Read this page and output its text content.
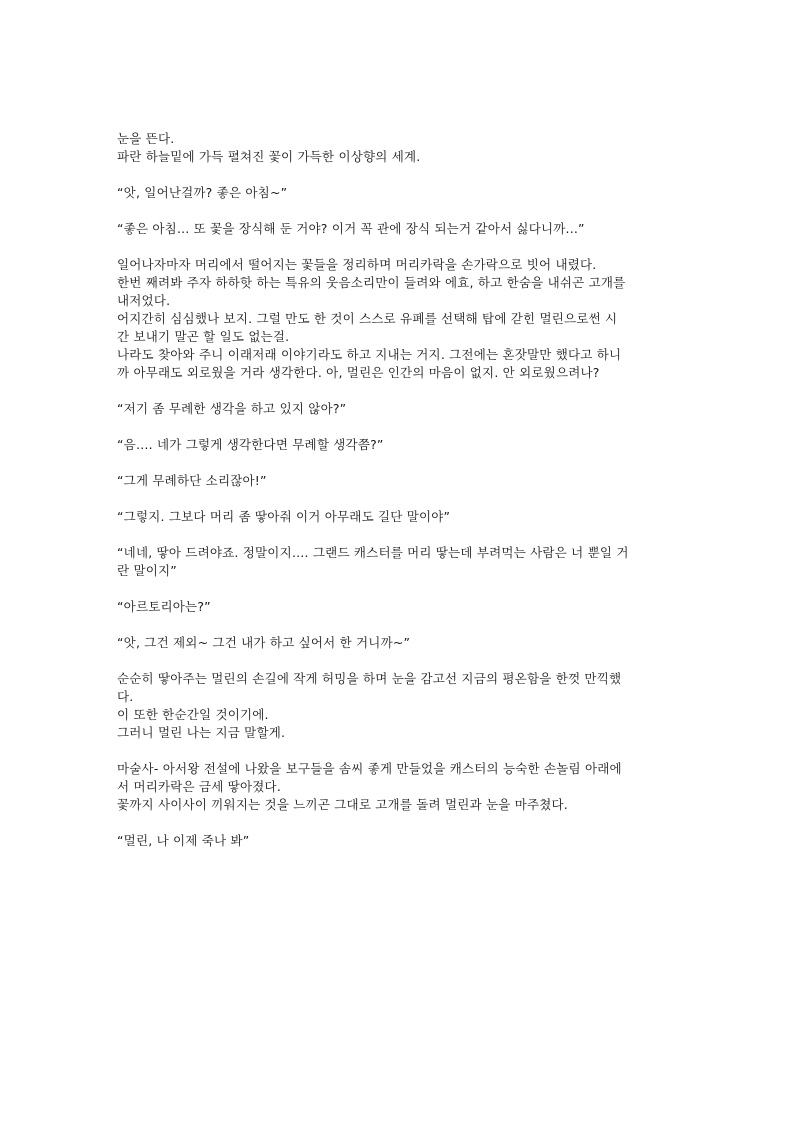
눈을 뜬다.
파란 하늘밑에 가득 펼쳐진 꽃이 가득한 이상향의 세계.
“앗, 일어난걸까? 좋은 아침~”
“좋은 아침... 또 꽃을 장식해 둔 거야? 이거 꼭 관에 장식 되는거 같아서 싫다니까...”
일어나자마자 머리에서 떨어지는 꽃들을 정리하며 머리카락을 손가락으로 빗어 내렸다.
한번 째려봐 주자 하하핫 하는 특유의 웃음소리만이 들려와 에효, 하고 한숨을 내쉬곤 고개를
내저었다.
어지간히 심심했나 보지. 그럴 만도 한 것이 스스로 유폐를 선택해 탑에 갇힌 멀린으로썬 시
간 보내기 말곤 할 일도 없는걸.
나라도 찾아와 주니 이래저래 이야기라도 하고 지내는 거지. 그전에는 혼잣말만 했다고 하니
까 아무래도 외로웠을 거라 생각한다. 아, 멀린은 인간의 마음이 없지. 안 외로웠으려나?
“저기 좀 무례한 생각을 하고 있지 않아?”
“음…. 네가 그렇게 생각한다면 무례할 생각쯤?”
“그게 무례하단 소리잖아!”
“그렇지. 그보다 머리 좀 땋아줘 이거 아무래도 길단 말이야”
“네네, 땋아 드려야죠. 정말이지…. 그랜드 캐스터를 머리 땋는데 부려먹는 사람은 너 뿐일 거
란 말이지”
“아르토리아는?”
“앗, 그건 제외~ 그건 내가 하고 싶어서 한 거니까~”
순순히 땋아주는 멀린의 손길에 작게 허밍을 하며 눈을 감고선 지금의 평온함을 한껏 만끽했
다.
이 또한 한순간일 것이기에.
그러니 멀린 나는 지금 말할게.
마술사- 아서왕 전설에 나왔을 보구들을 솜씨 좋게 만들었을 캐스터의 능숙한 손놀림 아래에
서 머리카락은 금세 땋아졌다.
꽃까지 사이사이 끼워지는 것을 느끼곤 그대로 고개를 돌려 멀린과 눈을 마주쳤다.
“멀린, 나 이제 죽나 봐”
